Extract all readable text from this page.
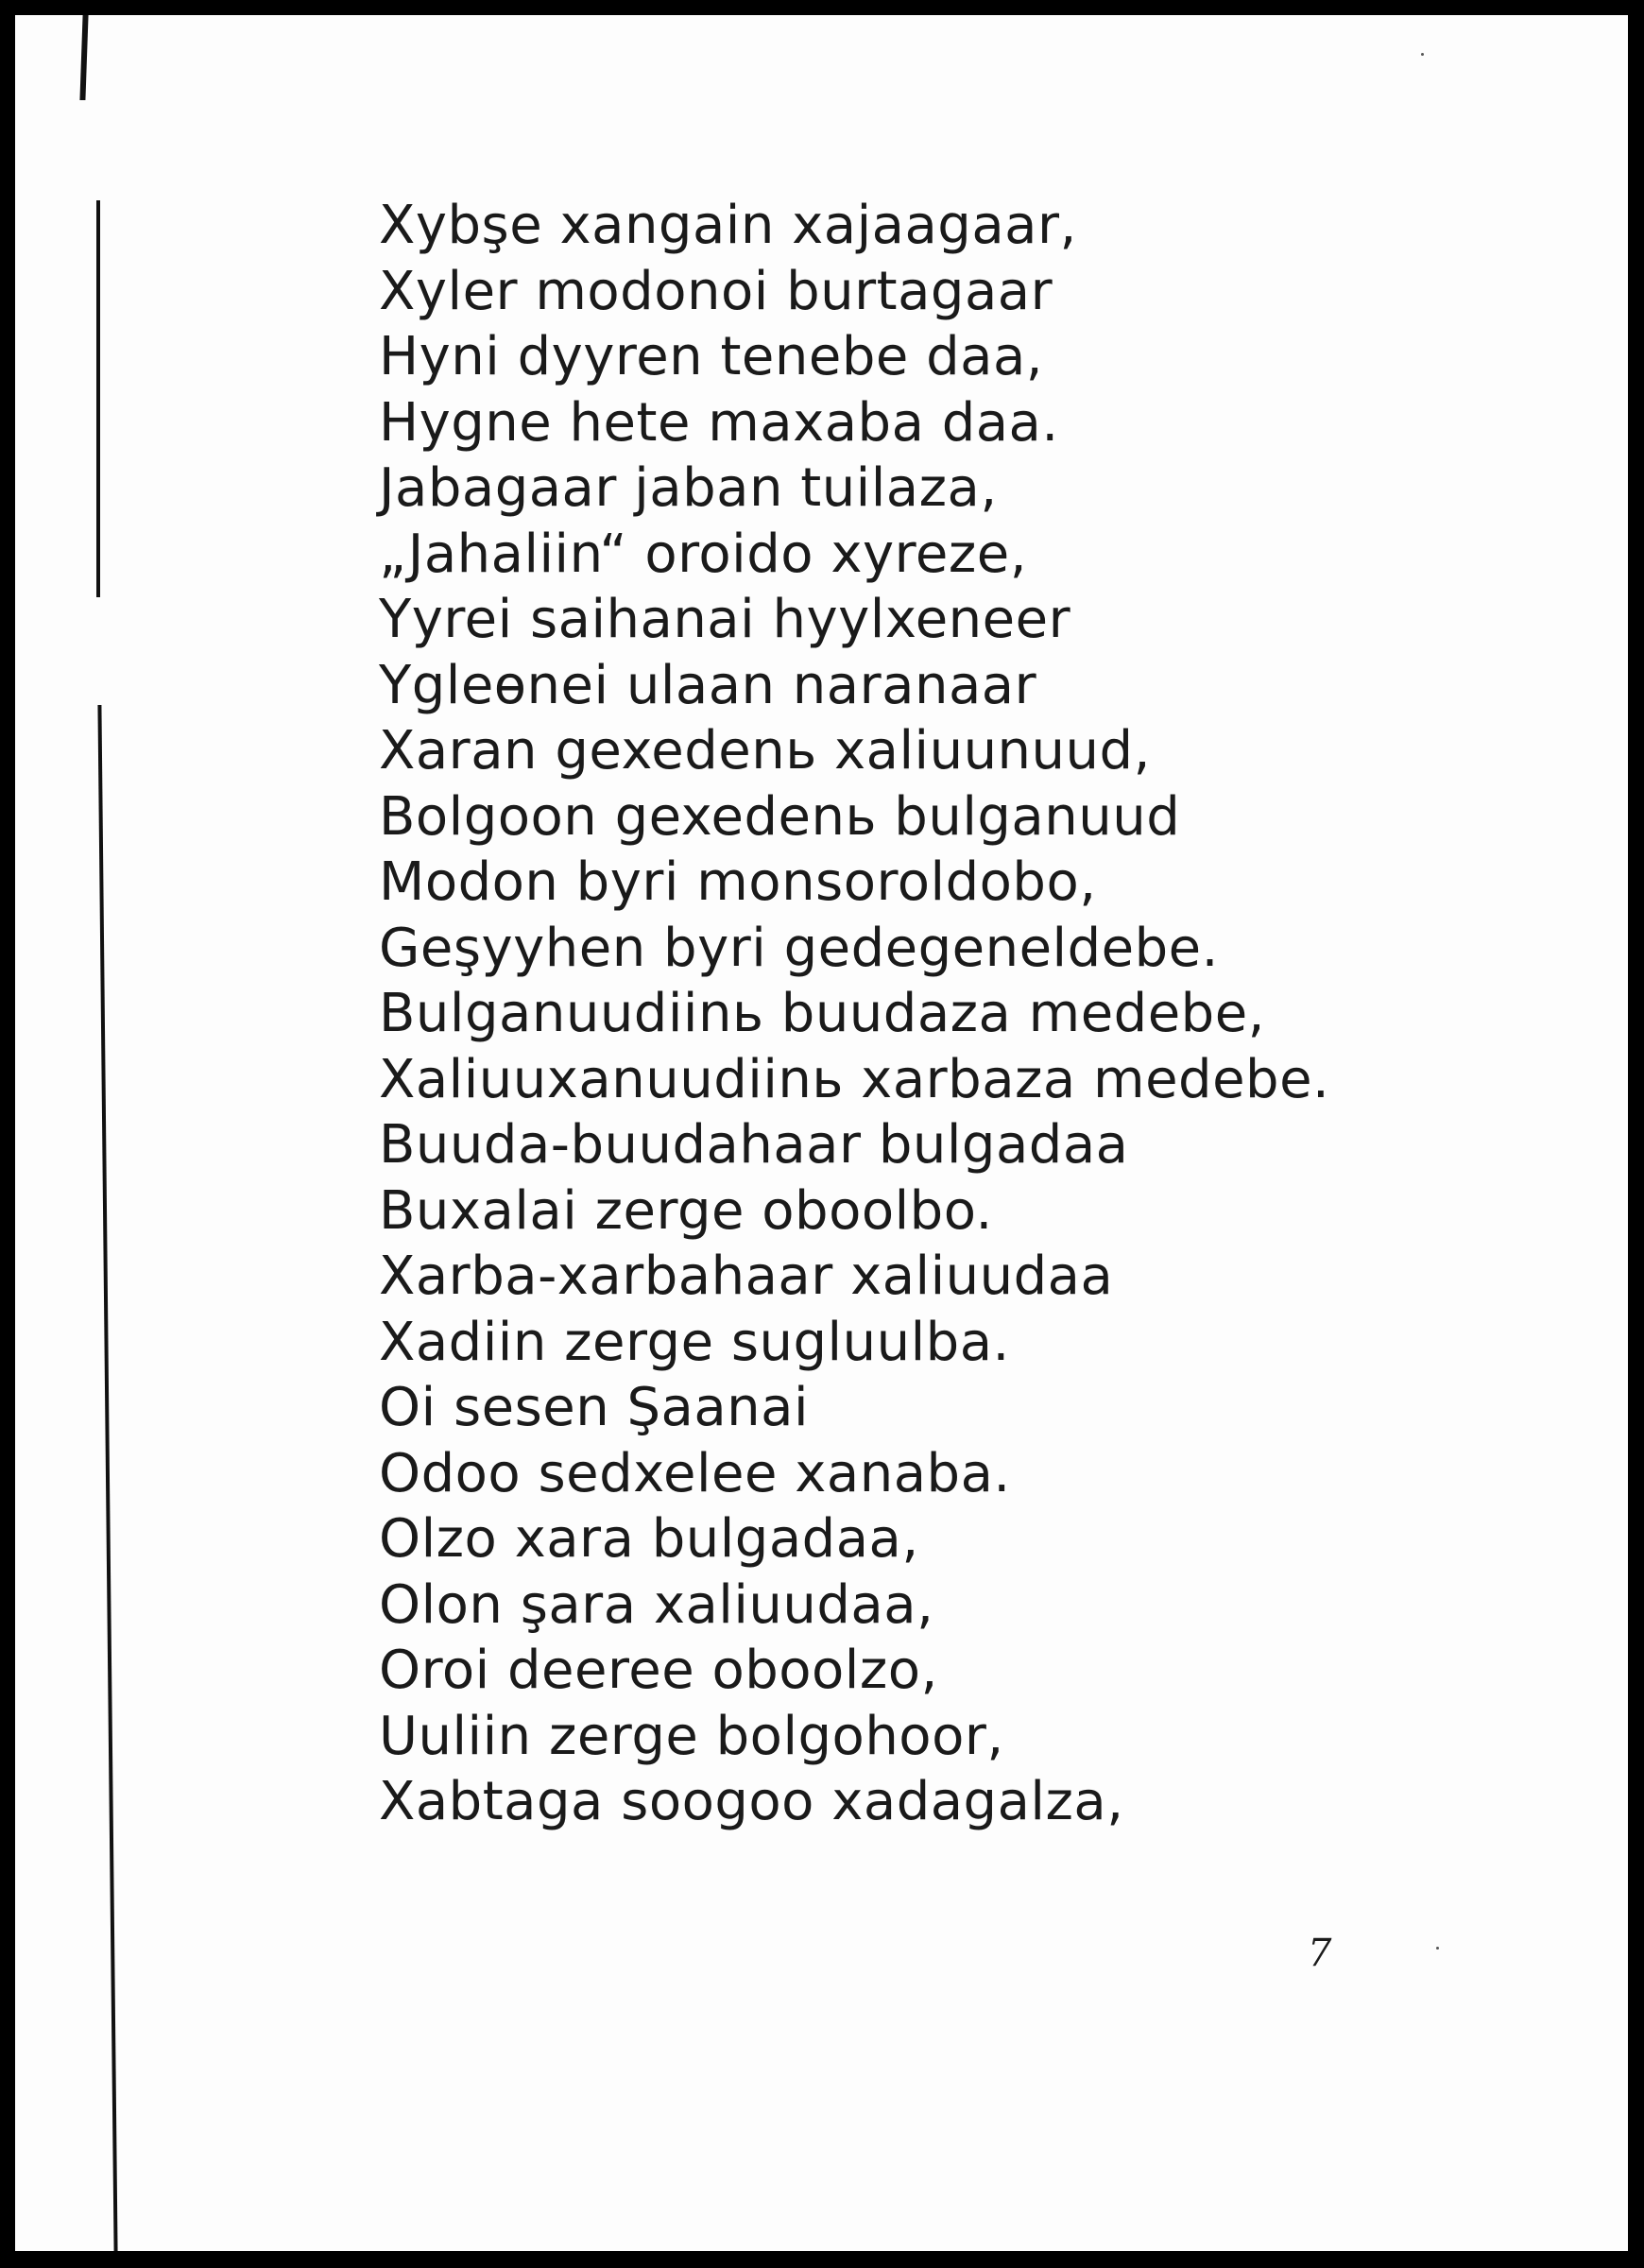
Xybşe xangain xajaagaar,
Xyler modonoi burtagaar
Hyni dyyren tenebe daa,
Hygne hete maxaba daa.
Jabagaar jaban tuilaza,
„Jahaliin“ oroido xyreze,
Yyrei saihanai hyylxeneer
Ygleөnei ulaan naranaar
Xaran gexedenь xaliuunuud,
Bolgoon gexedenь bulganuud
Modon byri monsoroldobo,
Geşyyhen byri gedegeneldebe.
Bulganuudiinь buudaza medebe,
Xaliuuxanuudiinь xarbaza medebe.
Buuda-buudahaar bulgadaa
Buxalai zerge oboolbo.
Xarba-xarbahaar xaliuudaa
Xadiin zerge sugluulba.
Oi sesen Şaanai
Odoo sedxelee xanaba.
Olzo xara bulgadaa,
Olon şara xaliuudaa,
Oroi deeree oboolzo,
Uuliin zerge bolgohoor,
Xabtaga soogoo xadagalza,
7
